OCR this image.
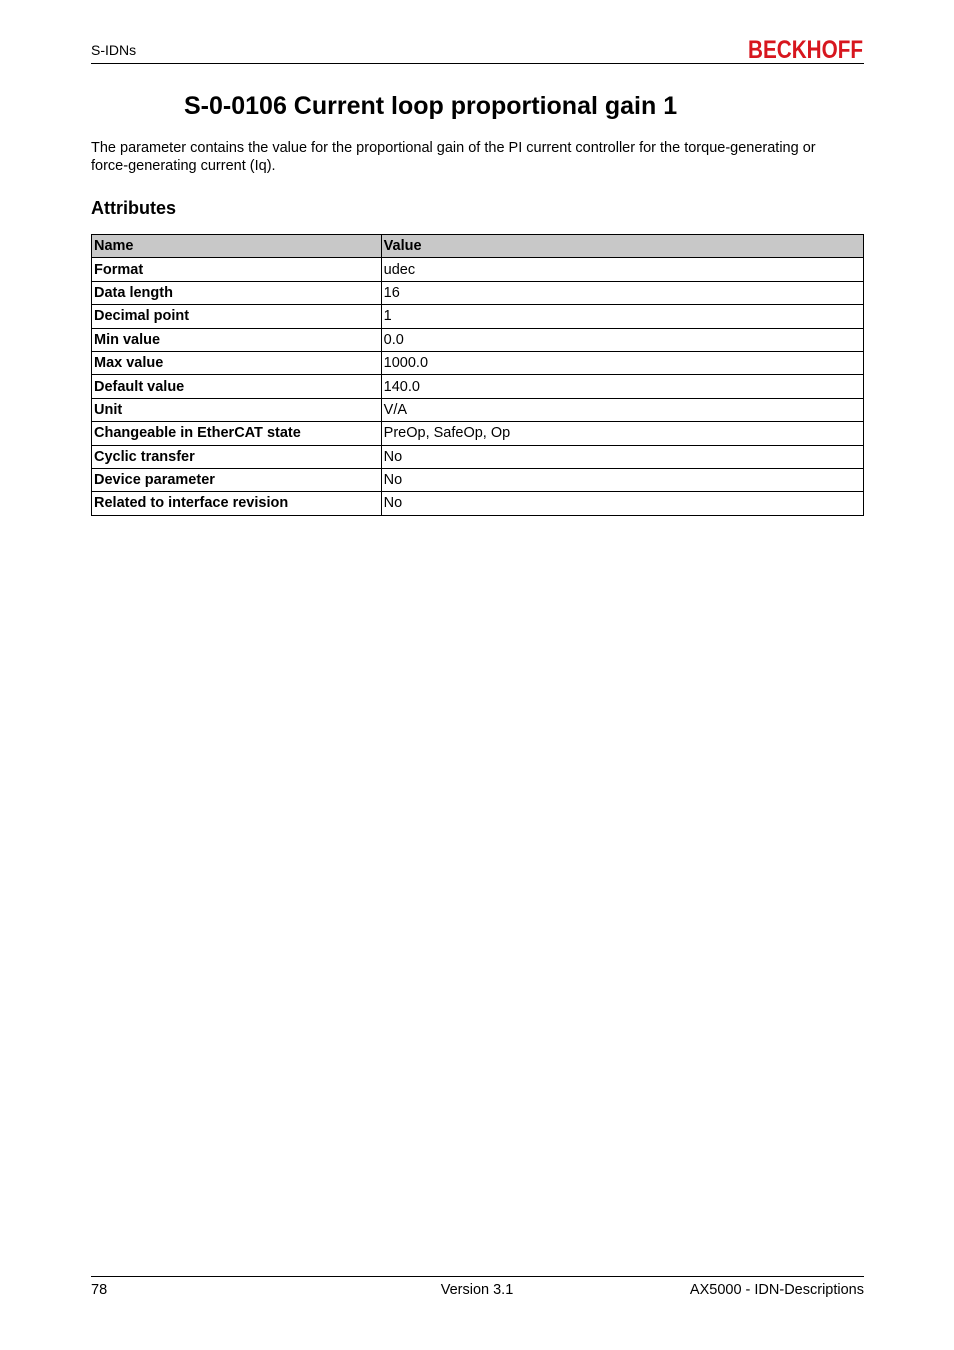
S-IDNs	BECKHOFF
S-0-0106 Current loop proportional gain 1

The parameter contains the value for the proportional gain of the PI current controller for the torque-generating or force-generating current (Iq).

Attributes
Name	Value
Format	udec
Data length	16
Decimal point	1
Min value	0.0
Max value	1000.0
Default value	140.0
Unit	V/A
Changeable in EtherCAT state	PreOp, SafeOp, Op
Cyclic transfer	No
Device parameter	No
Related to interface revision	No
78	Version 3.1	AX5000 - IDN-Descriptions
